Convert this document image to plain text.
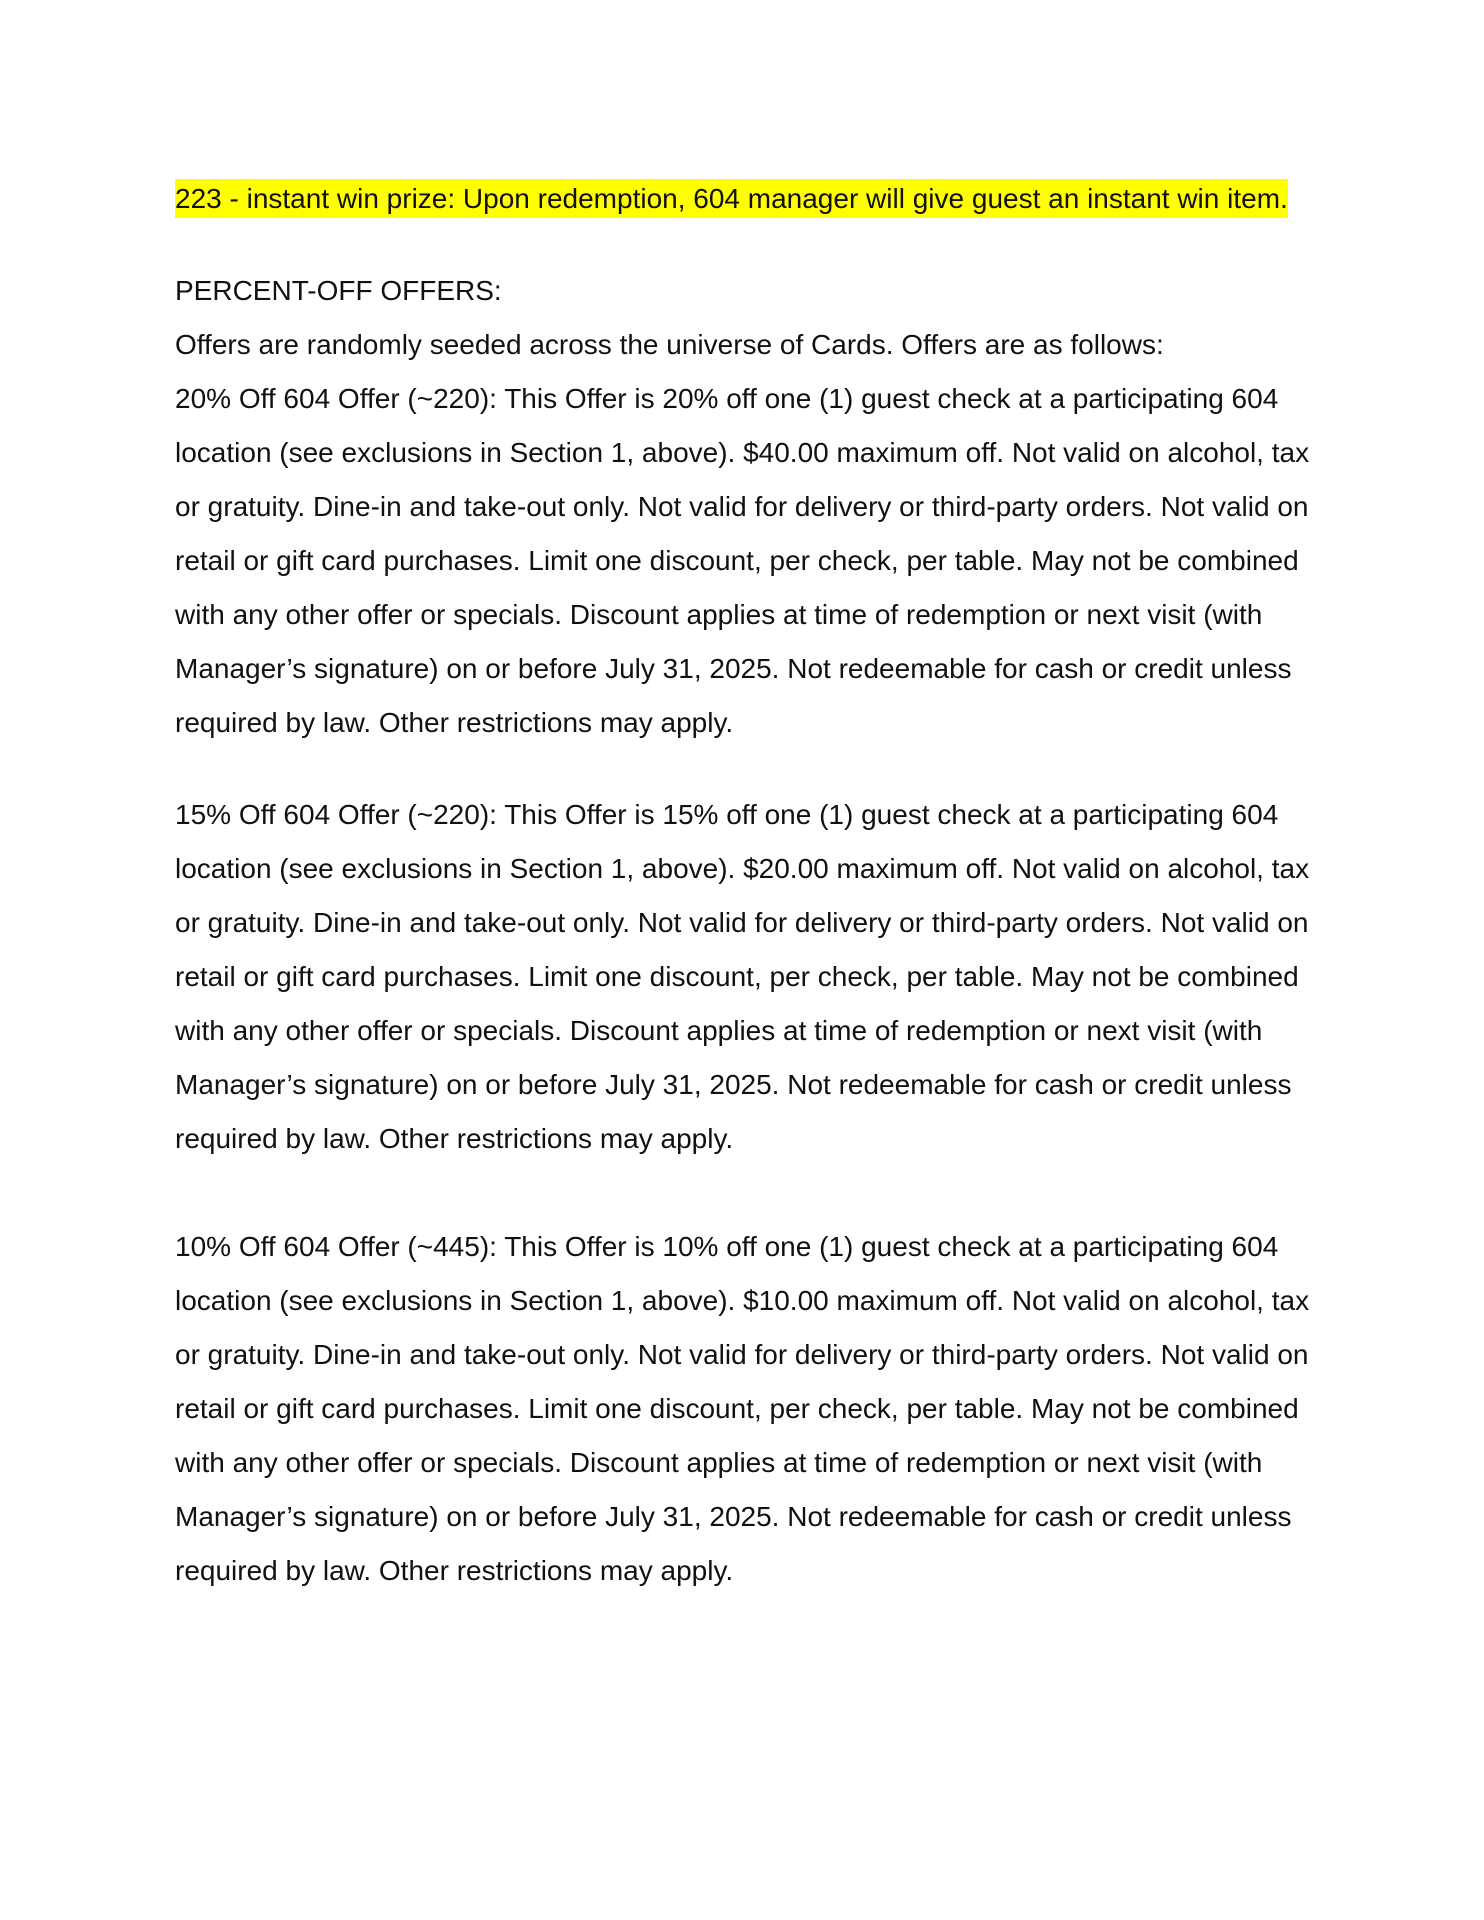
223 - instant win prize: Upon redemption, 604 manager will give guest an instant win item.

PERCENT-OFF OFFERS:

Offers are randomly seeded across the universe of Cards. Offers are as follows:

20% Off 604 Offer (~220): This Offer is 20% off one (1) guest check at a participating 604 location (see exclusions in Section 1, above). $40.00 maximum off. Not valid on alcohol, tax or gratuity. Dine-in and take-out only. Not valid for delivery or third-party orders. Not valid on retail or gift card purchases. Limit one discount, per check, per table. May not be combined with any other offer or specials. Discount applies at time of redemption or next visit (with Manager’s signature) on or before July 31, 2025. Not redeemable for cash or credit unless required by law. Other restrictions may apply.

15% Off 604 Offer (~220): This Offer is 15% off one (1) guest check at a participating 604 location (see exclusions in Section 1, above). $20.00 maximum off. Not valid on alcohol, tax or gratuity. Dine-in and take-out only. Not valid for delivery or third-party orders. Not valid on retail or gift card purchases. Limit one discount, per check, per table. May not be combined with any other offer or specials. Discount applies at time of redemption or next visit (with Manager’s signature) on or before July 31, 2025. Not redeemable for cash or credit unless required by law. Other restrictions may apply.

10% Off 604 Offer (~445): This Offer is 10% off one (1) guest check at a participating 604 location (see exclusions in Section 1, above). $10.00 maximum off. Not valid on alcohol, tax or gratuity. Dine-in and take-out only. Not valid for delivery or third-party orders. Not valid on retail or gift card purchases. Limit one discount, per check, per table. May not be combined with any other offer or specials. Discount applies at time of redemption or next visit (with Manager’s signature) on or before July 31, 2025. Not redeemable for cash or credit unless required by law. Other restrictions may apply.
